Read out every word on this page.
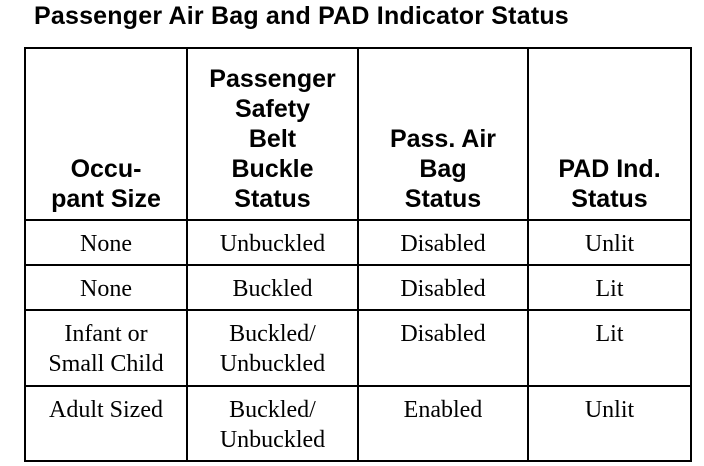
Passenger Air Bag and PAD Indicator Status
Occu-
pant Size	Passenger
Safety
Belt
Buckle
Status	Pass. Air
Bag
Status	PAD Ind.
Status

None	Unbuckled	Disabled	Unlit

None	Buckled	Disabled	Lit

Infant or
Small Child	Buckled/
Unbuckled	Disabled	Lit

Adult Sized	Buckled/
Unbuckled	Enabled	Unlit
